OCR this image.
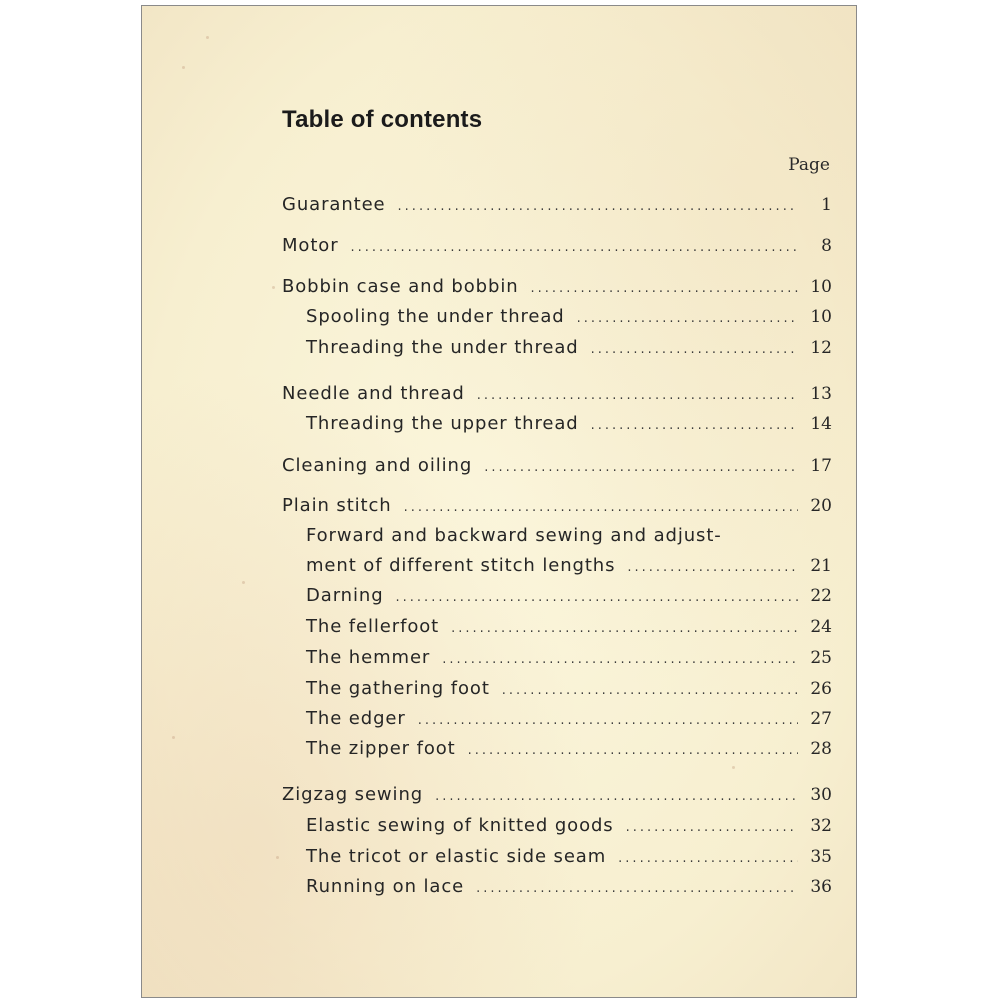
Table of contents
Page
Guarantee .....	1
Motor .....	8
Bobbin case and bobbin .....	10
Spooling the under thread .....	10
Threading the under thread .....	12
Needle and thread .....	13
Threading the upper thread .....	14
Cleaning and oiling .....	17
Plain stitch .....	20
Forward and backward sewing and adjust-
ment of different stitch lengths .....	21
Darning .....	22
The fellerfoot .....	24
The hemmer .....	25
The gathering foot .....	26
The edger .....	27
The zipper foot .....	28
Zigzag sewing .....	30
Elastic sewing of knitted goods .....	32
The tricot or elastic side seam .....	35
Running on lace .....	36
